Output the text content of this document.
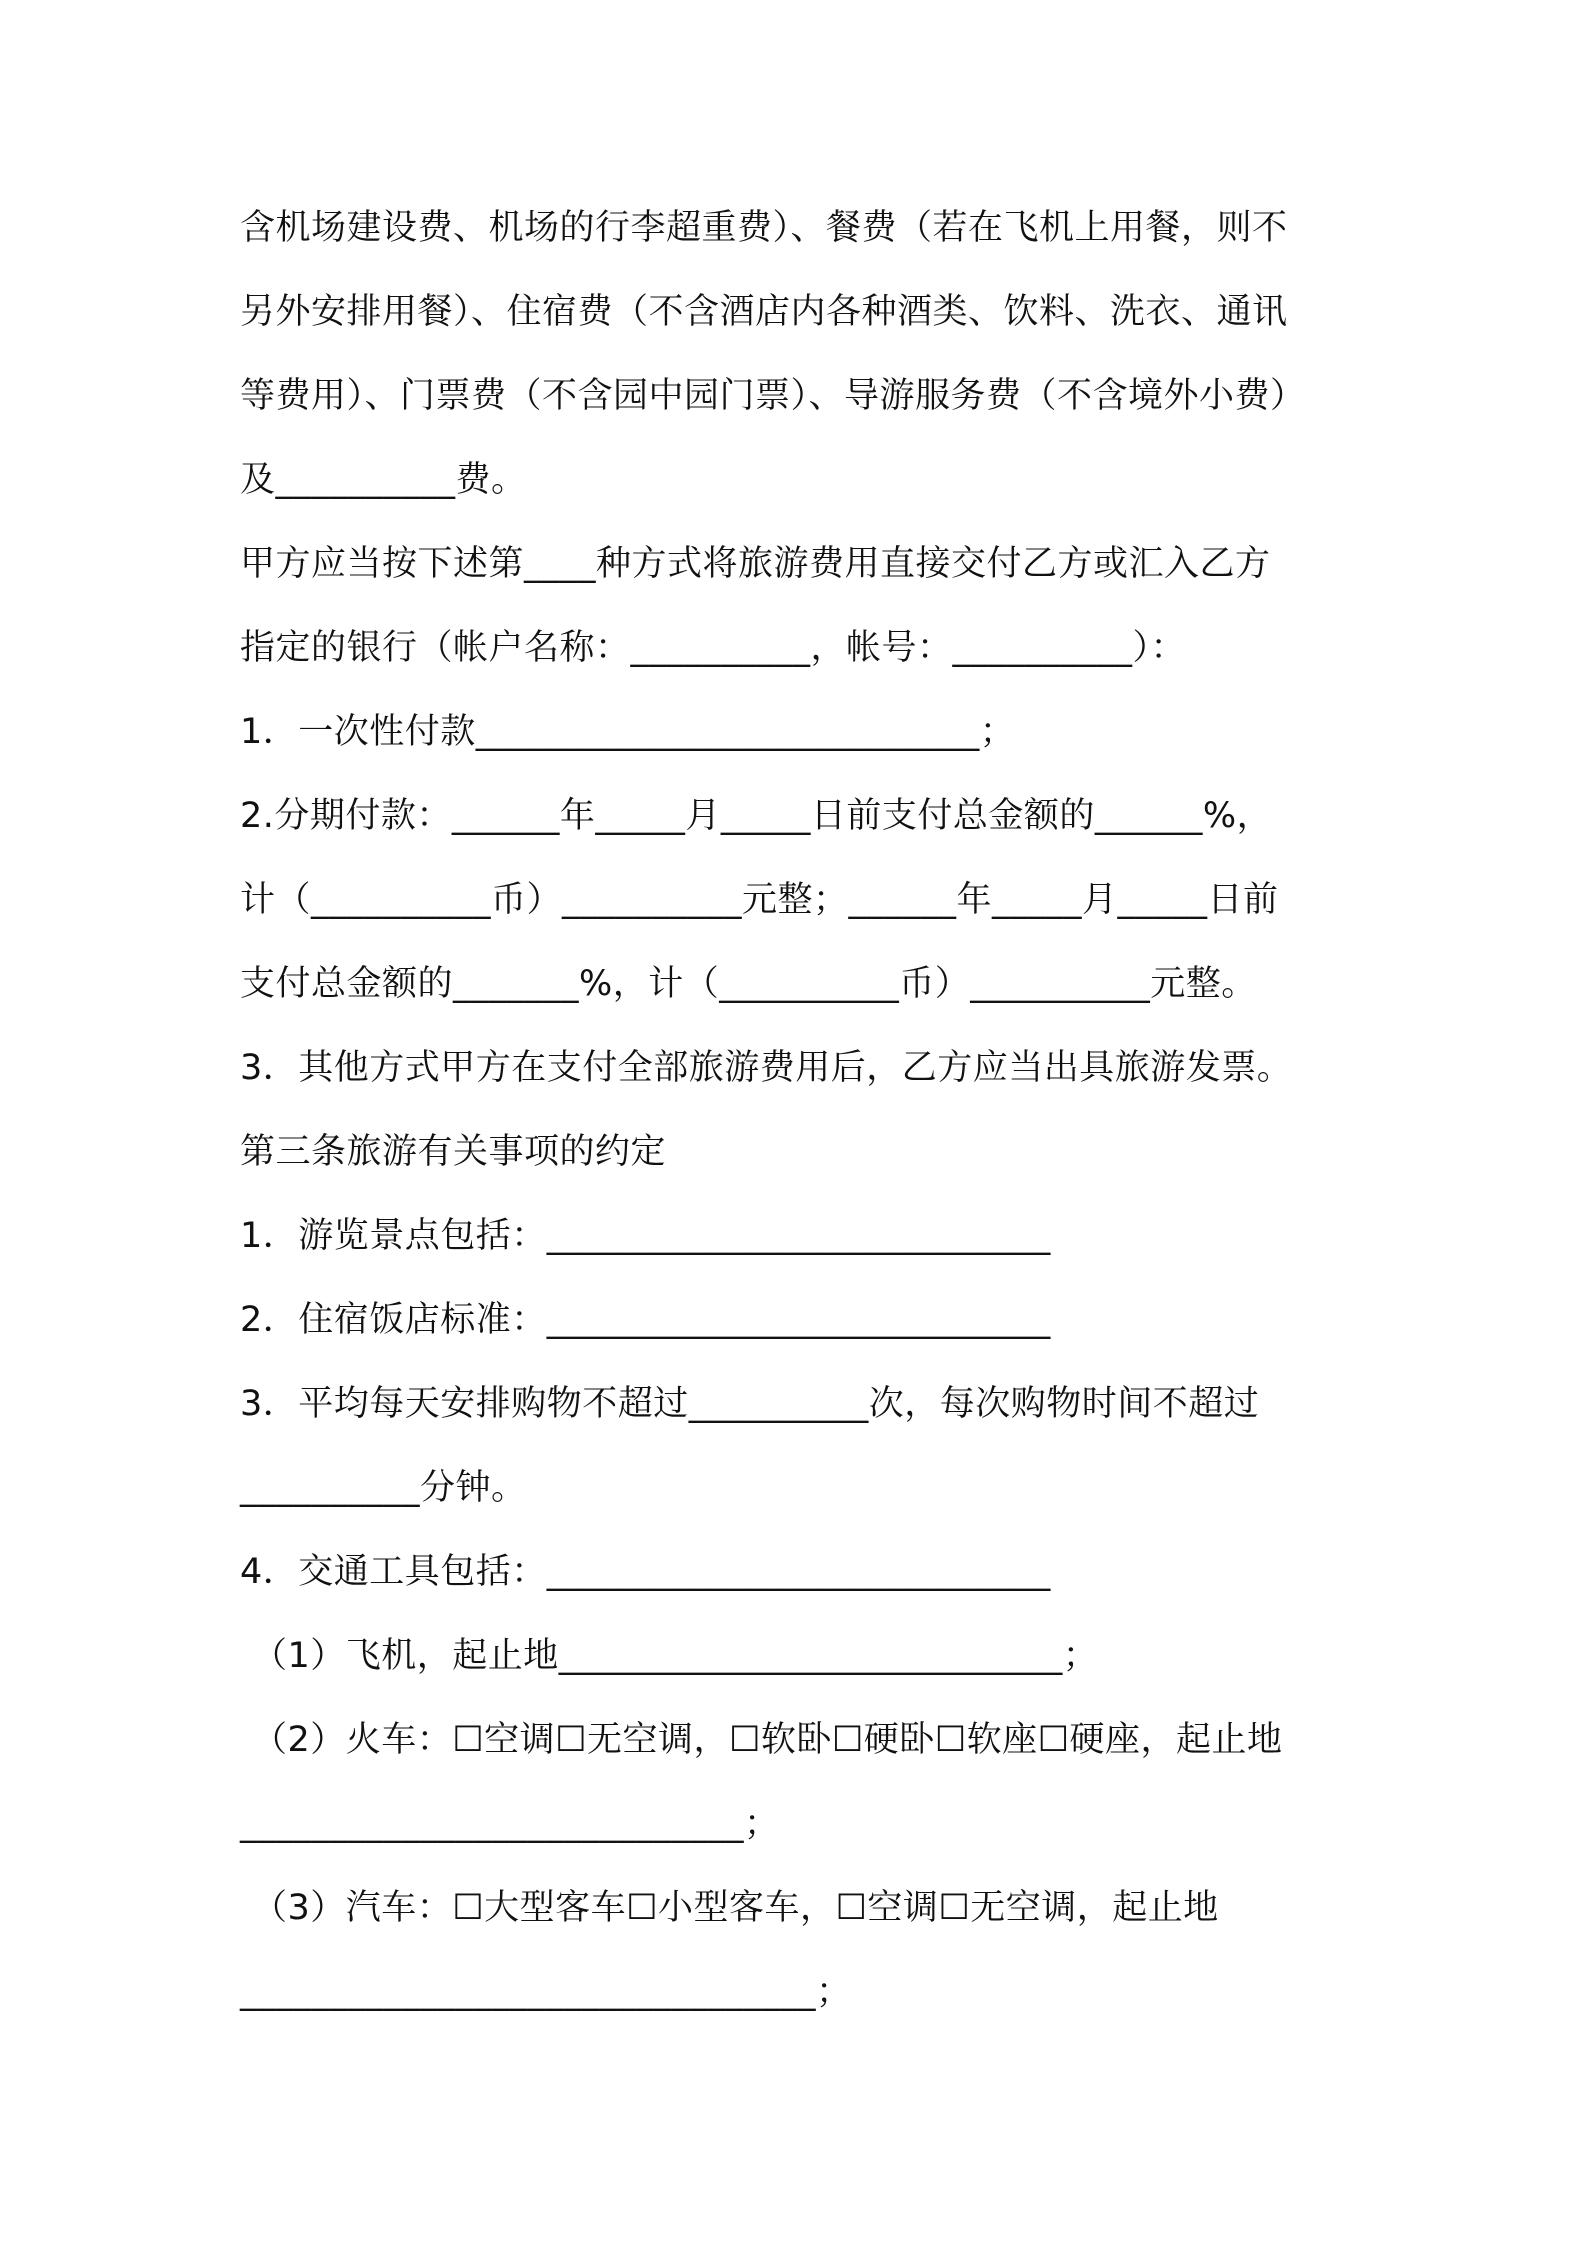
含机场建设费、机场的行李超重费）、餐费（若在飞机上用餐，则不
另外安排用餐）、住宿费（不含酒店内各种酒类、饮料、洗衣、通讯
等费用）、门票费（不含园中园门票）、导游服务费（不含境外小费）
及__________费。
甲方应当按下述第____种方式将旅游费用直接交付乙方或汇入乙方
指定的银行（帐户名称：__________，帐号：__________）：
1．一次性付款____________________________；
2.分期付款：______年_____月_____日前支付总金额的______%，
计（__________币）__________元整；______年_____月_____日前
支付总金额的_______%，计（__________币）__________元整。
3．其他方式甲方在支付全部旅游费用后，乙方应当出具旅游发票。
第三条旅游有关事项的约定
1．游览景点包括：____________________________
2．住宿饭店标准：____________________________
3．平均每天安排购物不超过__________次，每次购物时间不超过
__________分钟。
4．交通工具包括：____________________________
（1）飞机，起止地____________________________；
（2）火车：☐空调☐无空调，☐软卧☐硬卧☐软座☐硬座，起止地
____________________________；
（3）汽车：☐大型客车☐小型客车，☐空调☐无空调，起止地
________________________________；
